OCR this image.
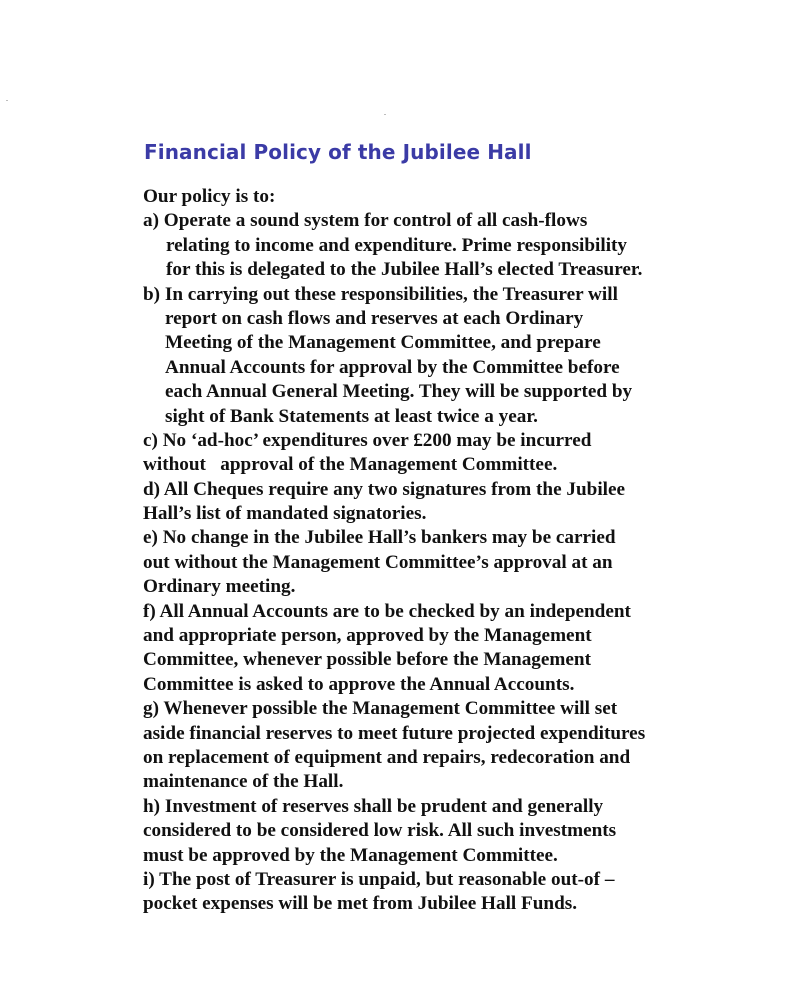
Financial Policy of the Jubilee Hall
Our policy is to:
a) Operate a sound system for control of all cash-flows
relating to income and expenditure. Prime responsibility
for this is delegated to the Jubilee Hall’s elected Treasurer.
b) In carrying out these responsibilities, the Treasurer will
report on cash flows and reserves at each Ordinary
Meeting of the Management Committee, and prepare
Annual Accounts for approval by the Committee before
each Annual General Meeting. They will be supported by
sight of Bank Statements at least twice a year.
c) No ‘ad-hoc’ expenditures over £200 may be incurred
without   approval of the Management Committee.
d) All Cheques require any two signatures from the Jubilee
Hall’s list of mandated signatories.
e) No change in the Jubilee Hall’s bankers may be carried
out without the Management Committee’s approval at an
Ordinary meeting.
f) All Annual Accounts are to be checked by an independent
and appropriate person, approved by the Management
Committee, whenever possible before the Management
Committee is asked to approve the Annual Accounts.
g) Whenever possible the Management Committee will set
aside financial reserves to meet future projected expenditures
on replacement of equipment and repairs, redecoration and
maintenance of the Hall.
h) Investment of reserves shall be prudent and generally
considered to be considered low risk. All such investments
must be approved by the Management Committee.
i) The post of Treasurer is unpaid, but reasonable out-of –
pocket expenses will be met from Jubilee Hall Funds.
